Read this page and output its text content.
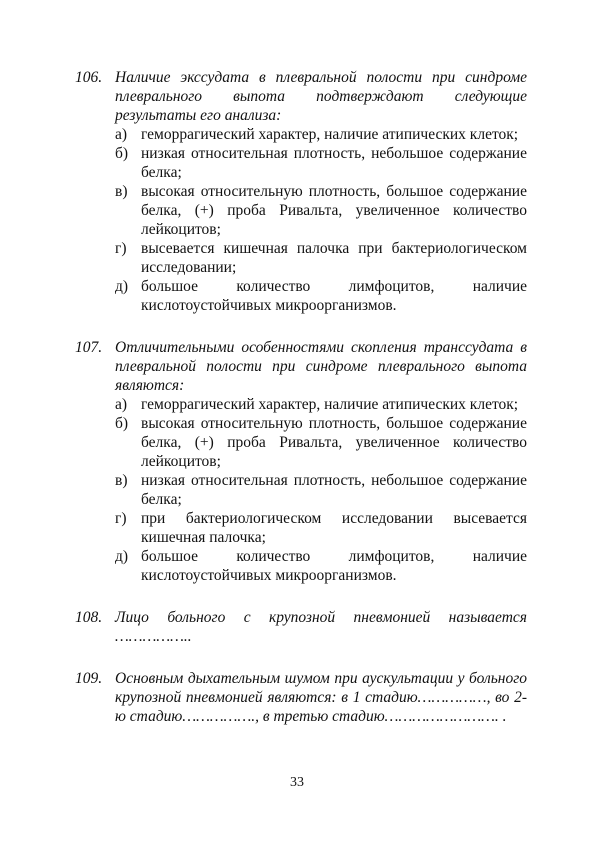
106. Наличие экссудата в плевральной полости при синдроме плеврального выпота подтверждают следующие результаты его анализа:
а) геморрагический характер, наличие атипических клеток;
б) низкая относительная плотность, небольшое содержание белка;
в) высокая относительную плотность, большое содержание белка, (+) проба Ривальта, увеличенное количество лейкоцитов;
г) высевается кишечная палочка при бактериологическом исследовании;
д) большое количество лимфоцитов, наличие кислотоустойчивых микроорганизмов.
107. Отличительными особенностями скопления транссудата в плевральной полости при синдроме плеврального выпота являются:
а) геморрагический характер, наличие атипических клеток;
б) высокая относительную плотность, большое содержание белка, (+) проба Ривальта, увеличенное количество лейкоцитов;
в) низкая относительная плотность, небольшое содержание белка;
г) при бактериологическом исследовании высевается кишечная палочка;
д) большое количество лимфоцитов, наличие кислотоустойчивых микроорганизмов.
108. Лицо больного с крупозной пневмонией называется ……………..
109. Основным дыхательным шумом при аускультации у больного крупозной пневмонией являются: в 1 стадию……………, во 2-ю стадию……………., в третью стадию……………………. .
33
